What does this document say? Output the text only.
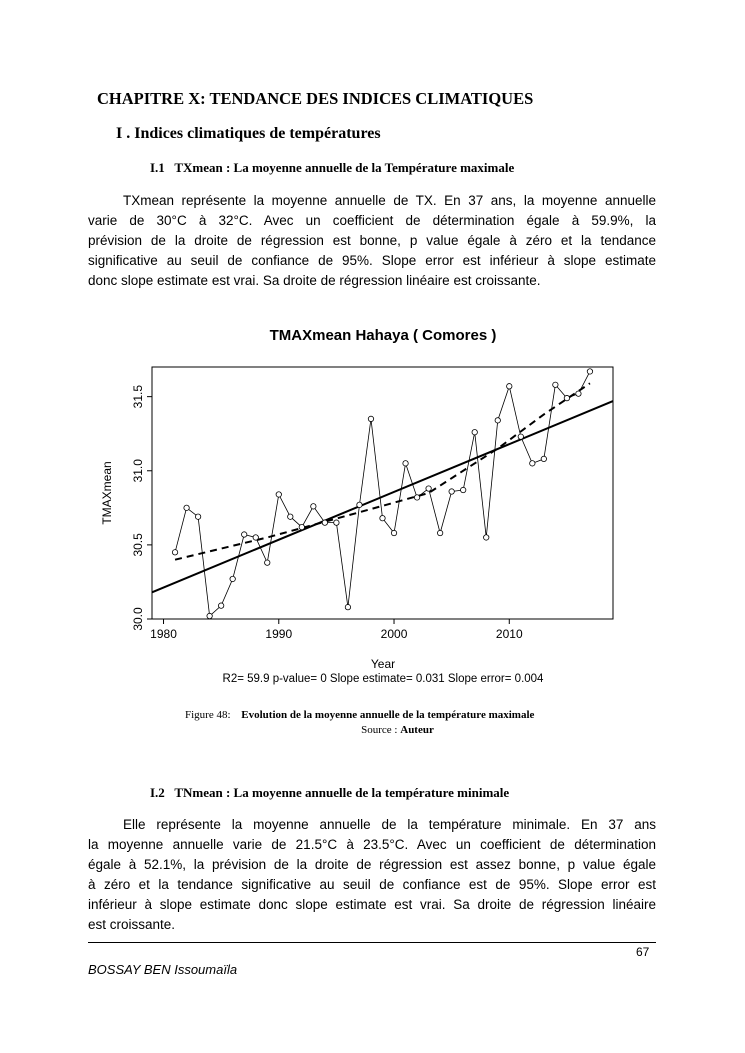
CHAPITRE X: TENDANCE DES INDICES CLIMATIQUES
I . Indices climatiques de températures
I.1 TXmean : La moyenne annuelle de la Température maximale
TXmean représente la moyenne annuelle de TX. En 37 ans, la moyenne annuelle
varie de 30°C à 32°C. Avec un coefficient de détermination égale à 59.9%, la
prévision de la droite de régression est bonne, p value égale à zéro et la tendance
significative au seuil de confiance de 95%. Slope error est inférieur à slope estimate
donc slope estimate est vrai. Sa droite de régression linéaire est croissante.
TMAXmean Hahaya ( Comores )
1980	1990	2000	2010
30.0
30.5
31.0
31.5
Year
R2= 59.9 p-value= 0 Slope estimate= 0.031 Slope error= 0.004
TMAXmean
Figure 48: Evolution de la moyenne annuelle de la température maximale
Source : Auteur
I.2 TNmean : La moyenne annuelle de la température minimale
Elle représente la moyenne annuelle de la température minimale. En 37 ans
la moyenne annuelle varie de 21.5°C à 23.5°C. Avec un coefficient de détermination
égale à 52.1%, la prévision de la droite de régression est assez bonne, p value égale
à zéro et la tendance significative au seuil de confiance est de 95%. Slope error est
inférieur à slope estimate donc slope estimate est vrai. Sa droite de régression linéaire
est croissante.
67
BOSSAY BEN Issoumaïla
